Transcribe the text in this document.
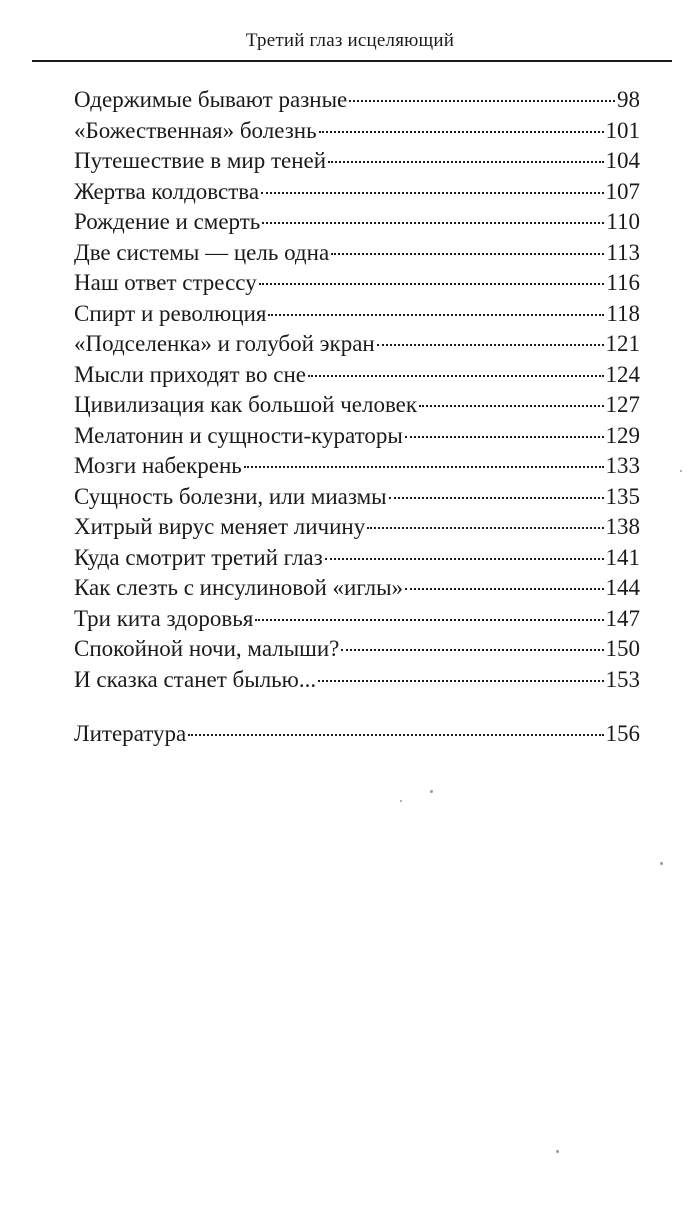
Третий глаз исцеляющий
Одержимые бывают разные	98
«Божественная» болезнь	101
Путешествие в мир теней	104
Жертва колдовства	107
Рождение и смерть	110
Две системы — цель одна	113
Наш ответ стрессу	116
Спирт и революция	118
«Подселенка» и голубой экран	121
Мысли приходят во сне	124
Цивилизация как большой человек	127
Мелатонин и сущности-кураторы	129
Мозги набекрень	133
Сущность болезни, или миазмы	135
Хитрый вирус меняет личину	138
Куда смотрит третий глаз	141
Как слезть с инсулиновой «иглы»	144
Три кита здоровья	147
Спокойной ночи, малыши?	150
И сказка станет былью...	153
Литература	156
